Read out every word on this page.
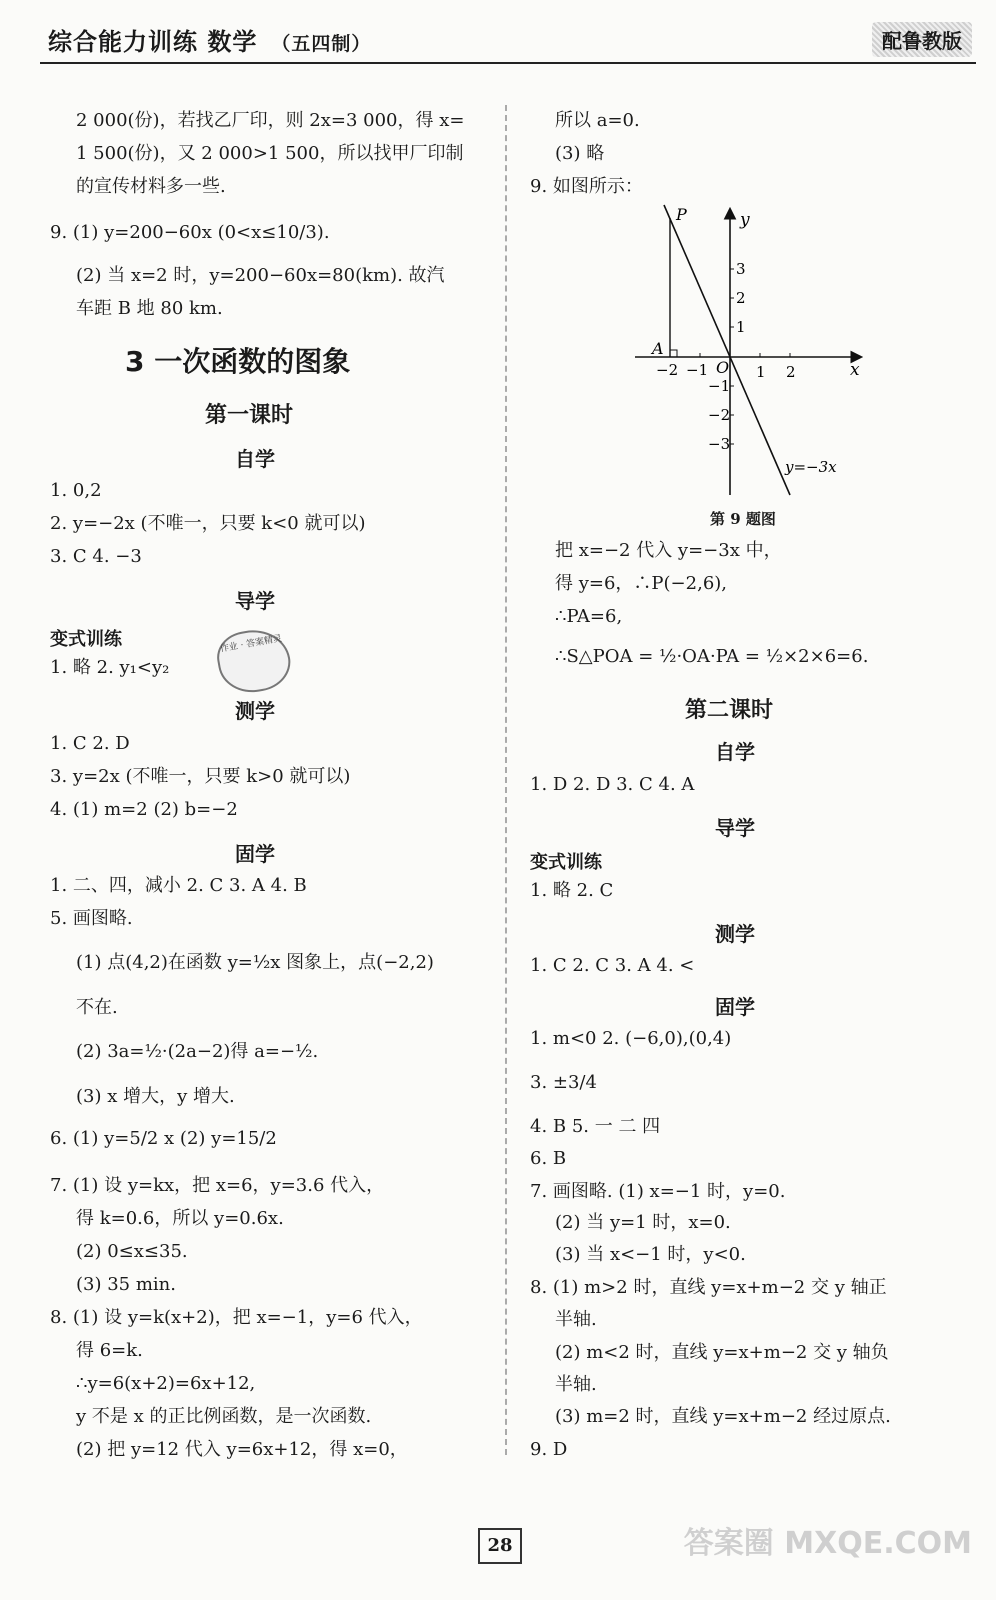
综合能力训练 数学 （五四制）	配鲁教版
2 000(份)，若找乙厂印，则 2x=3 000，得 x=
1 500(份)，又 2 000>1 500，所以找甲厂印制
的宣传材料多一些.
9. (1) y=200−60x (0<x≤10/3).
(2) 当 x=2 时，y=200−60x=80(km). 故汽
车距 B 地 80 km.
3 一次函数的图象
第一课时
自学
1. 0,2
2. y=−2x (不唯一，只要 k<0 就可以)
3. C 4. −3
导学
变式训练
1. 略 2. y₁<y₂
作业 · 答案精灵
测学
1. C 2. D
3. y=2x (不唯一，只要 k>0 就可以)
4. (1) m=2 (2) b=−2
固学
1. 二、四，减小 2. C 3. A 4. B
5. 画图略.
(1) 点(4,2)在函数 y=½x 图象上，点(−2,2)
不在.
(2) 3a=½·(2a−2)得 a=−½.
(3) x 增大，y 增大.
6. (1) y=5/2 x (2) y=15/2
7. (1) 设 y=kx，把 x=6，y=3.6 代入，
得 k=0.6，所以 y=0.6x.
(2) 0≤x≤35.
(3) 35 min.
8. (1) 设 y=k(x+2)，把 x=−1，y=6 代入，
得 6=k.
∴y=6(x+2)=6x+12,
y 不是 x 的正比例函数，是一次函数.
(2) 把 y=12 代入 y=6x+12，得 x=0，
所以 a=0.
(3) 略
9. 如图所示：
y
x
O
P
A
−2 −1	1 2
3
2
1
−1
−2
−3
y=−3x
第 9 题图
把 x=−2 代入 y=−3x 中，
得 y=6，∴P(−2,6),
∴PA=6,
∴S△POA = ½·OA·PA = ½×2×6=6.
第二课时
自学
1. D 2. D 3. C 4. A
导学
变式训练
1. 略 2. C
测学
1. C 2. C 3. A 4. <
固学
1. m<0 2. (−6,0),(0,4)
3. ±3/4
4. B 5. 一 二 四
6. B
7. 画图略. (1) x=−1 时，y=0.
(2) 当 y=1 时，x=0.
(3) 当 x<−1 时，y<0.
8. (1) m>2 时，直线 y=x+m−2 交 y 轴正
半轴.
(2) m<2 时，直线 y=x+m−2 交 y 轴负
半轴.
(3) m=2 时，直线 y=x+m−2 经过原点.
9. D
28	答案圈 MXQE.COM
